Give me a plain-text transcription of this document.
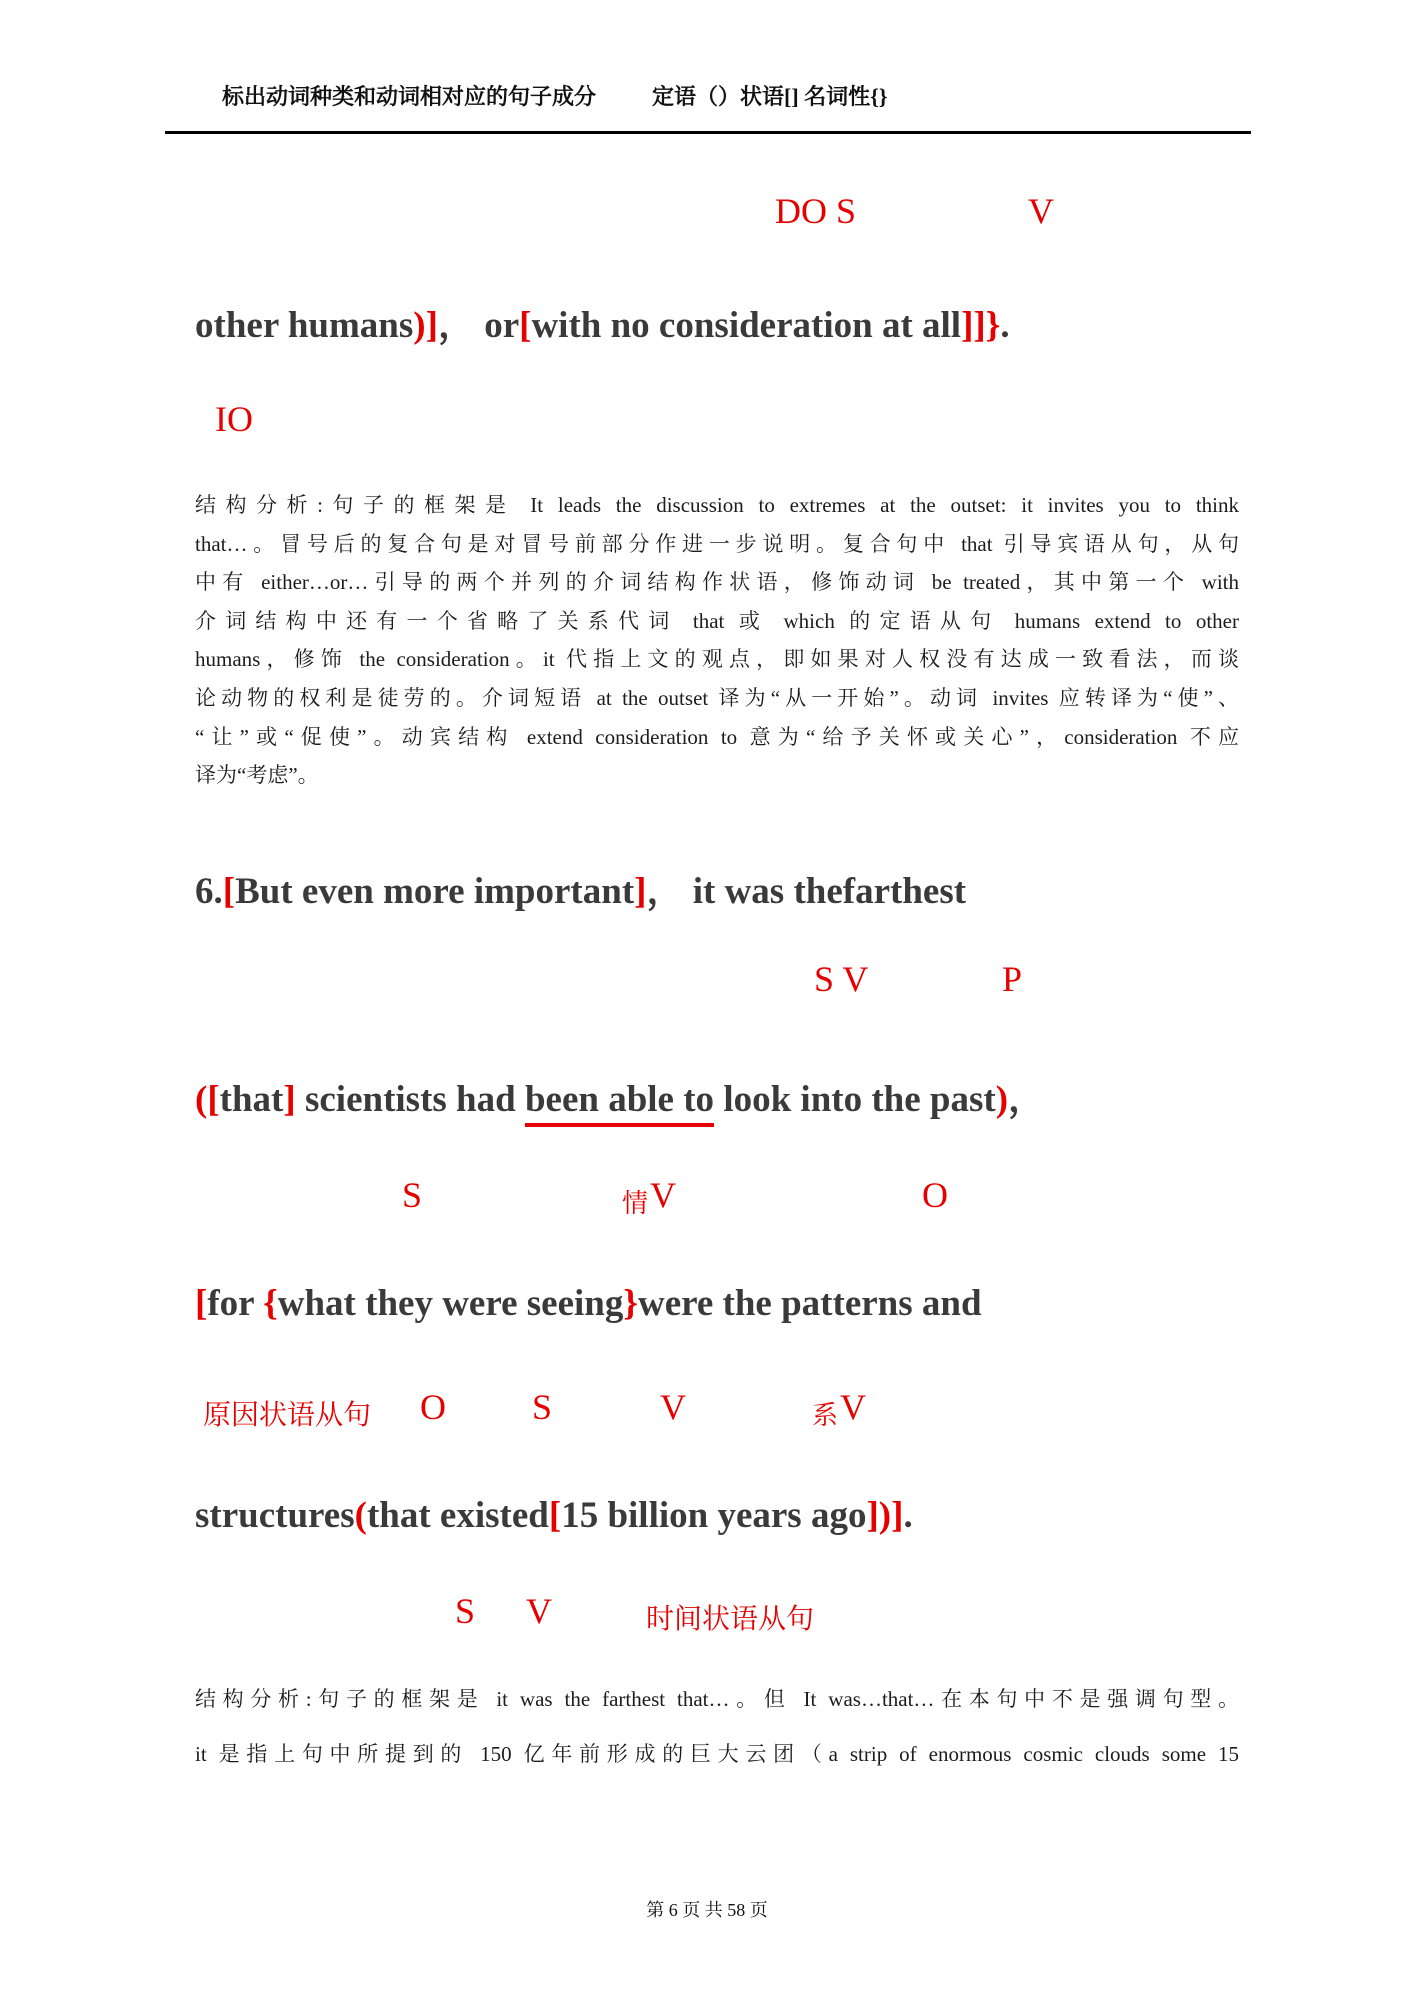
标出动词种类和动词相对应的句子成分	定语（）状语[] 名词性{}
DO S	V
other humans)]， or[with no consideration at all]]}.
IO
结构分析:句子的框架是 It leads the discussion to extremes at the outset: it invites you to think
that…。冒号后的复合句是对冒号前部分作进一步说明。复合句中 that 引导宾语从句，从句
中有 either…or…引导的两个并列的介词结构作状语，修饰动词 be treated，其中第一个 with
介词结构中还有一个省略了关系代词 that 或 which 的定语从句 humans extend to other
humans，修饰 the consideration。it 代指上文的观点，即如果对人权没有达成一致看法，而谈
论动物的权利是徒劳的。介词短语 at the outset 译为“从一开始”。动词 invites 应转译为“使”、
“让”或“促使”。动宾结构 extend consideration to 意为“给予关怀或关心”，consideration 不应
译为“考虑”。
6.[But even more important]， it was thefarthest
S V	P
([that] scientists had been able to look into the past)，
S	情 V	O
[for {what they were seeing}were the patterns and
原因状语从句 O S	V	系 V
structures(that existed[15 billion years ago])].
S V	时间状语从句
结构分析:句子的框架是 it was the farthest that…。但 It was…that…在本句中不是强调句型。
it 是指上句中所提到的 150 亿年前形成的巨大云团（a strip of enormous cosmic clouds some 15
第 6 页 共 58 页
